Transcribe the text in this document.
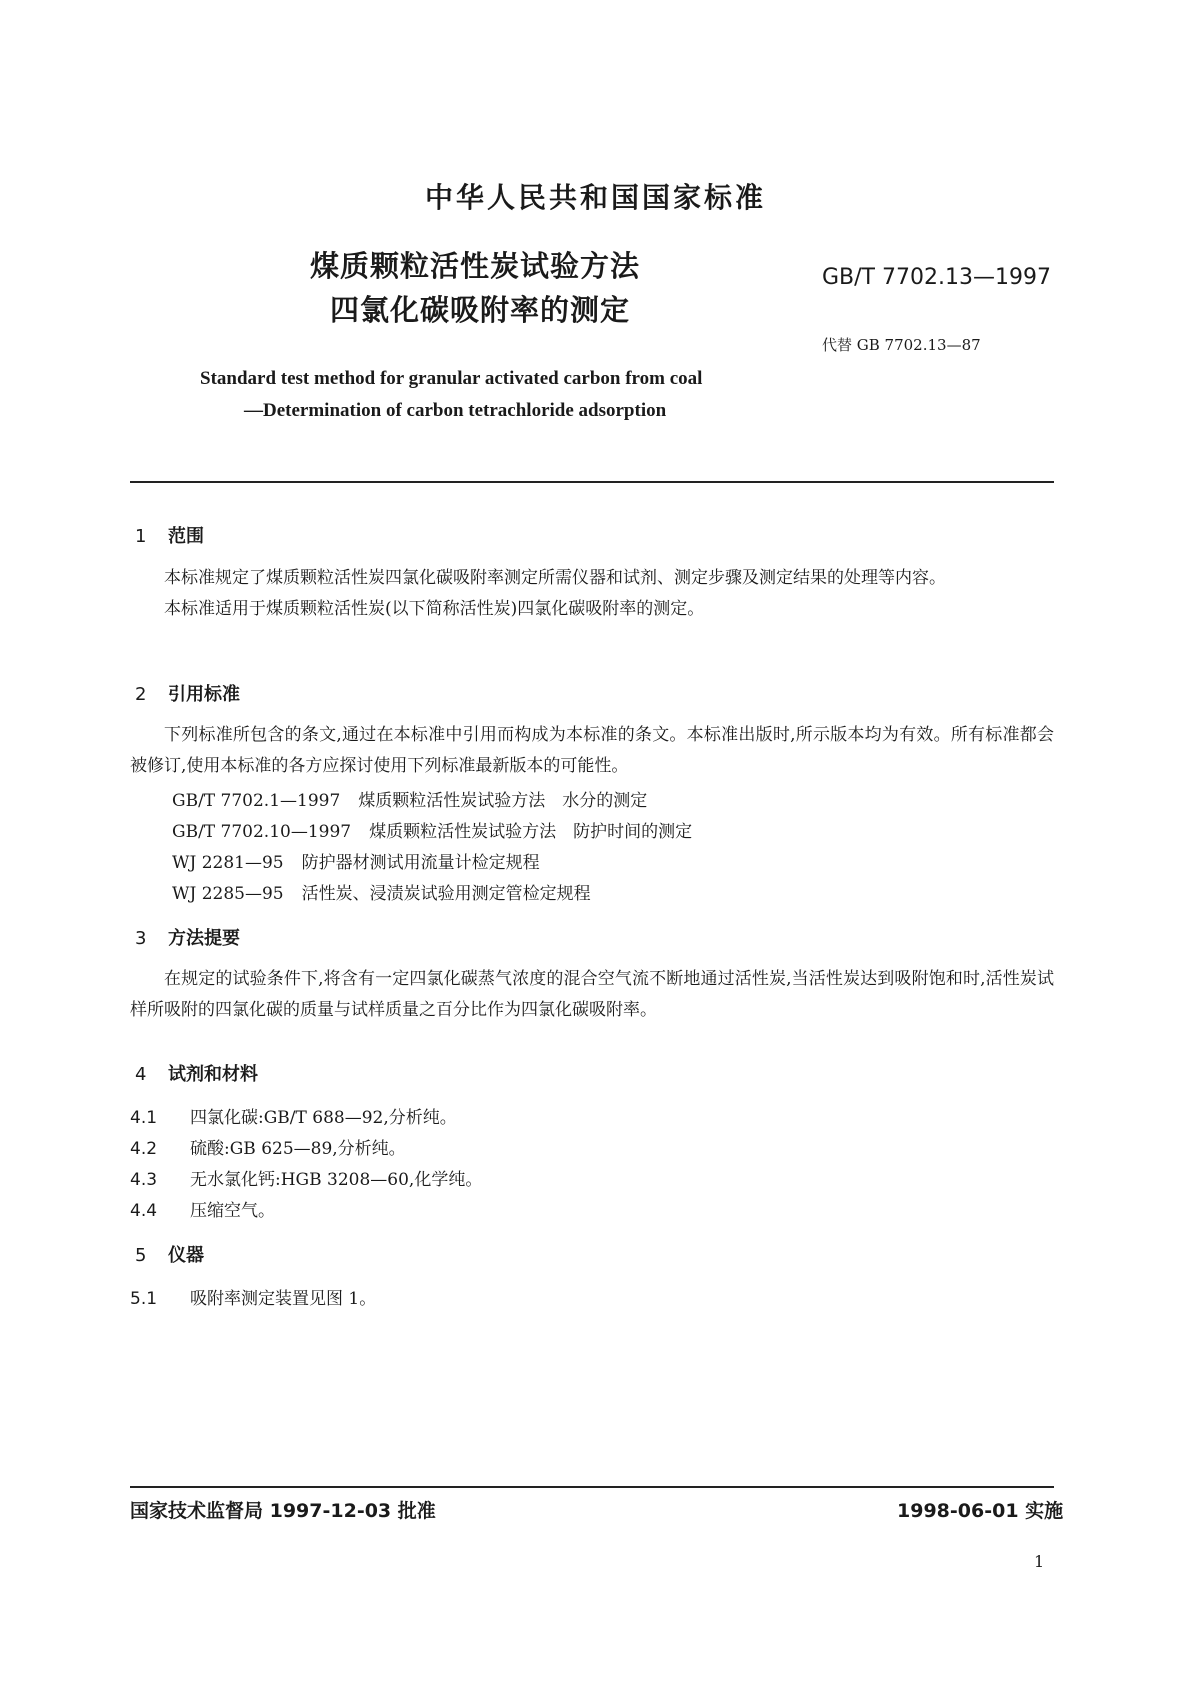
中华人民共和国国家标准
煤质颗粒活性炭试验方法
四氯化碳吸附率的测定
GB/T 7702.13—1997
代替 GB 7702.13—87
Standard test method for granular activated carbon from coal
—Determination of carbon tetrachloride adsorption
1 范围

本标准规定了煤质颗粒活性炭四氯化碳吸附率测定所需仪器和试剂、测定步骤及测定结果的处理等内容。

本标准适用于煤质颗粒活性炭(以下简称活性炭)四氯化碳吸附率的测定。

2 引用标准

下列标准所包含的条文,通过在本标准中引用而构成为本标准的条文。本标准出版时,所示版本均为有效。所有标准都会被修订,使用本标准的各方应探讨使用下列标准最新版本的可能性。

GB/T 7702.1—1997 煤质颗粒活性炭试验方法　水分的测定
GB/T 7702.10—1997 煤质颗粒活性炭试验方法　防护时间的测定
WJ 2281—95 防护器材测试用流量计检定规程
WJ 2285—95 活性炭、浸渍炭试验用测定管检定规程
3 方法提要

在规定的试验条件下,将含有一定四氯化碳蒸气浓度的混合空气流不断地通过活性炭,当活性炭达到吸附饱和时,活性炭试样所吸附的四氯化碳的质量与试样质量之百分比作为四氯化碳吸附率。

4 试剂和材料
4.1 四氯化碳:GB/T 688—92,分析纯。
4.2 硫酸:GB 625—89,分析纯。
4.3 无水氯化钙:HGB 3208—60,化学纯。
4.4 压缩空气。
5 仪器
5.1 吸附率测定装置见图 1。
国家技术监督局 1997-12-03 批准	1998-06-01 实施
1
